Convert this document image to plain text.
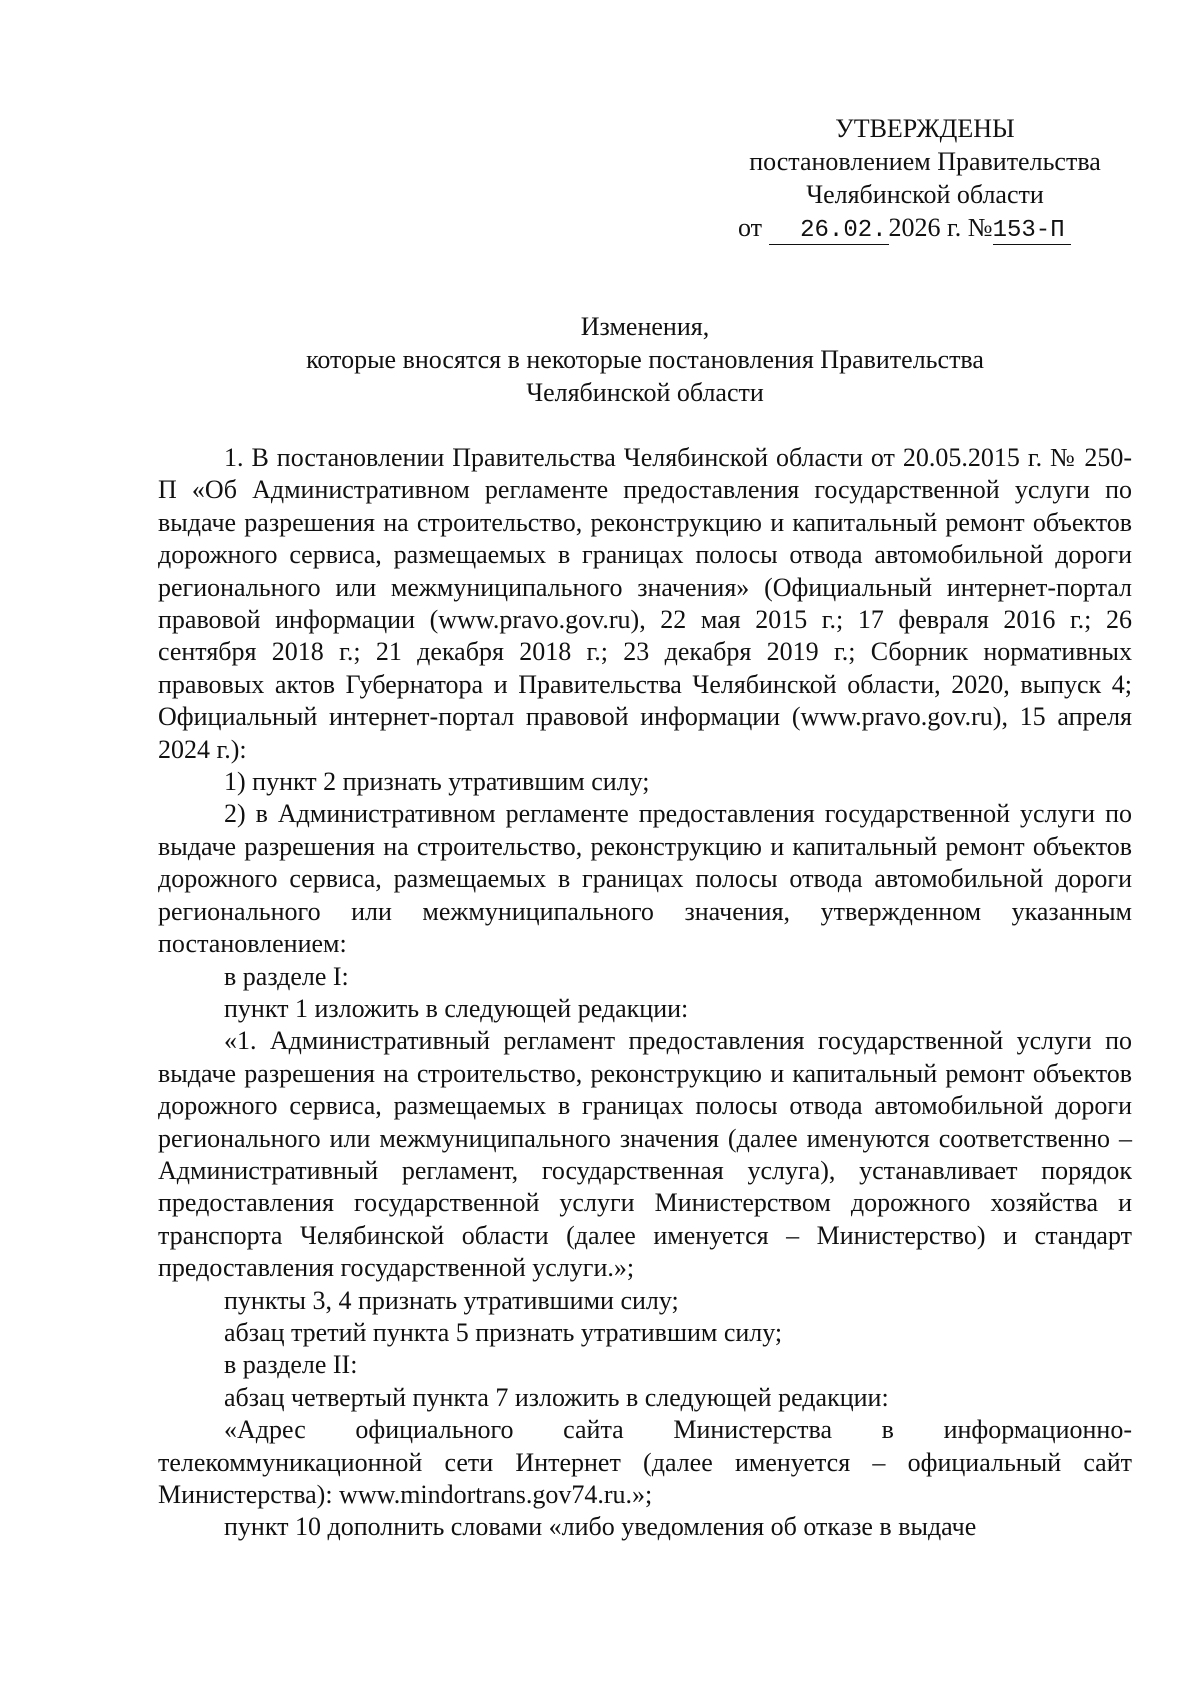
УТВЕРЖДЕНЫ
постановлением Правительства
Челябинской области
от 26.02.2026 г. №153-П
Изменения,
которые вносятся в некоторые постановления Правительства
Челябинской области

1. В постановлении Правительства Челябинской области от 20.05.2015 г. № 250-П «Об Административном регламенте предоставления государственной услуги по выдаче разрешения на строительство, реконструкцию и капитальный ремонт объектов дорожного сервиса, размещаемых в границах полосы отвода автомобильной дороги регионального или межмуниципального значения» (Официальный интернет-портал правовой информации (www.pravo.gov.ru), 22 мая 2015 г.; 17 февраля 2016 г.; 26 сентября 2018 г.; 21 декабря 2018 г.; 23 декабря 2019 г.; Сборник нормативных правовых актов Губернатора и Правительства Челябинской области, 2020, выпуск 4; Официальный интернет-портал правовой информации (www.pravo.gov.ru), 15 апреля 2024 г.):

1) пункт 2 признать утратившим силу;

2) в Административном регламенте предоставления государственной услуги по выдаче разрешения на строительство, реконструкцию и капитальный ремонт объектов дорожного сервиса, размещаемых в границах полосы отвода автомобильной дороги регионального или межмуниципального значения, утвержденном указанным постановлением:

в разделе I:

пункт 1 изложить в следующей редакции:

«1. Административный регламент предоставления государственной услуги по выдаче разрешения на строительство, реконструкцию и капитальный ремонт объектов дорожного сервиса, размещаемых в границах полосы отвода автомобильной дороги регионального или межмуниципального значения (далее именуются соответственно – Административный регламент, государственная услуга), устанавливает порядок предоставления государственной услуги Министерством дорожного хозяйства и транспорта Челябинской области (далее именуется – Министерство) и стандарт предоставления государственной услуги.»;

пункты 3, 4 признать утратившими силу;

абзац третий пункта 5 признать утратившим силу;

в разделе II:

абзац четвертый пункта 7 изложить в следующей редакции:

«Адрес официального сайта Министерства в информационно-телекоммуникационной сети Интернет (далее именуется – официальный сайт Министерства): www.mindortrans.gov74.ru.»;

пункт 10 дополнить словами «либо уведомления об отказе в выдаче
